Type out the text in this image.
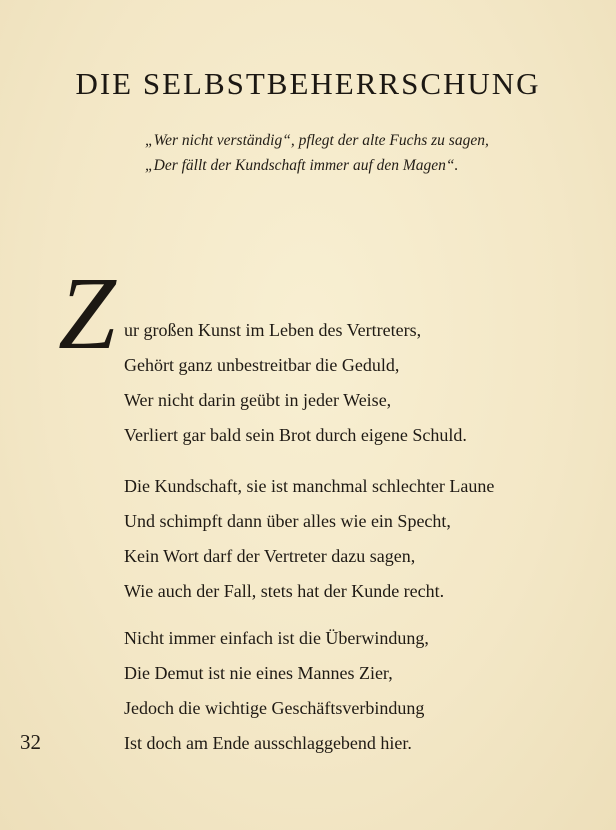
DIE SELBSTBEHERRSCHUNG
„Wer nicht verständig“, pflegt der alte Fuchs zu sagen,
„Der fällt der Kundschaft immer auf den Magen“.
Z ur großen Kunst im Leben des Vertreters,
Gehört ganz unbestreitbar die Geduld,
Wer nicht darin geübt in jeder Weise,
Verliert gar bald sein Brot durch eigene Schuld.
Die Kundschaft, sie ist manchmal schlechter Laune
Und schimpft dann über alles wie ein Specht,
Kein Wort darf der Vertreter dazu sagen,
Wie auch der Fall, stets hat der Kunde recht.
Nicht immer einfach ist die Überwindung,
Die Demut ist nie eines Mannes Zier,
Jedoch die wichtige Geschäftsverbindung
Ist doch am Ende ausschlaggebend hier.
32
